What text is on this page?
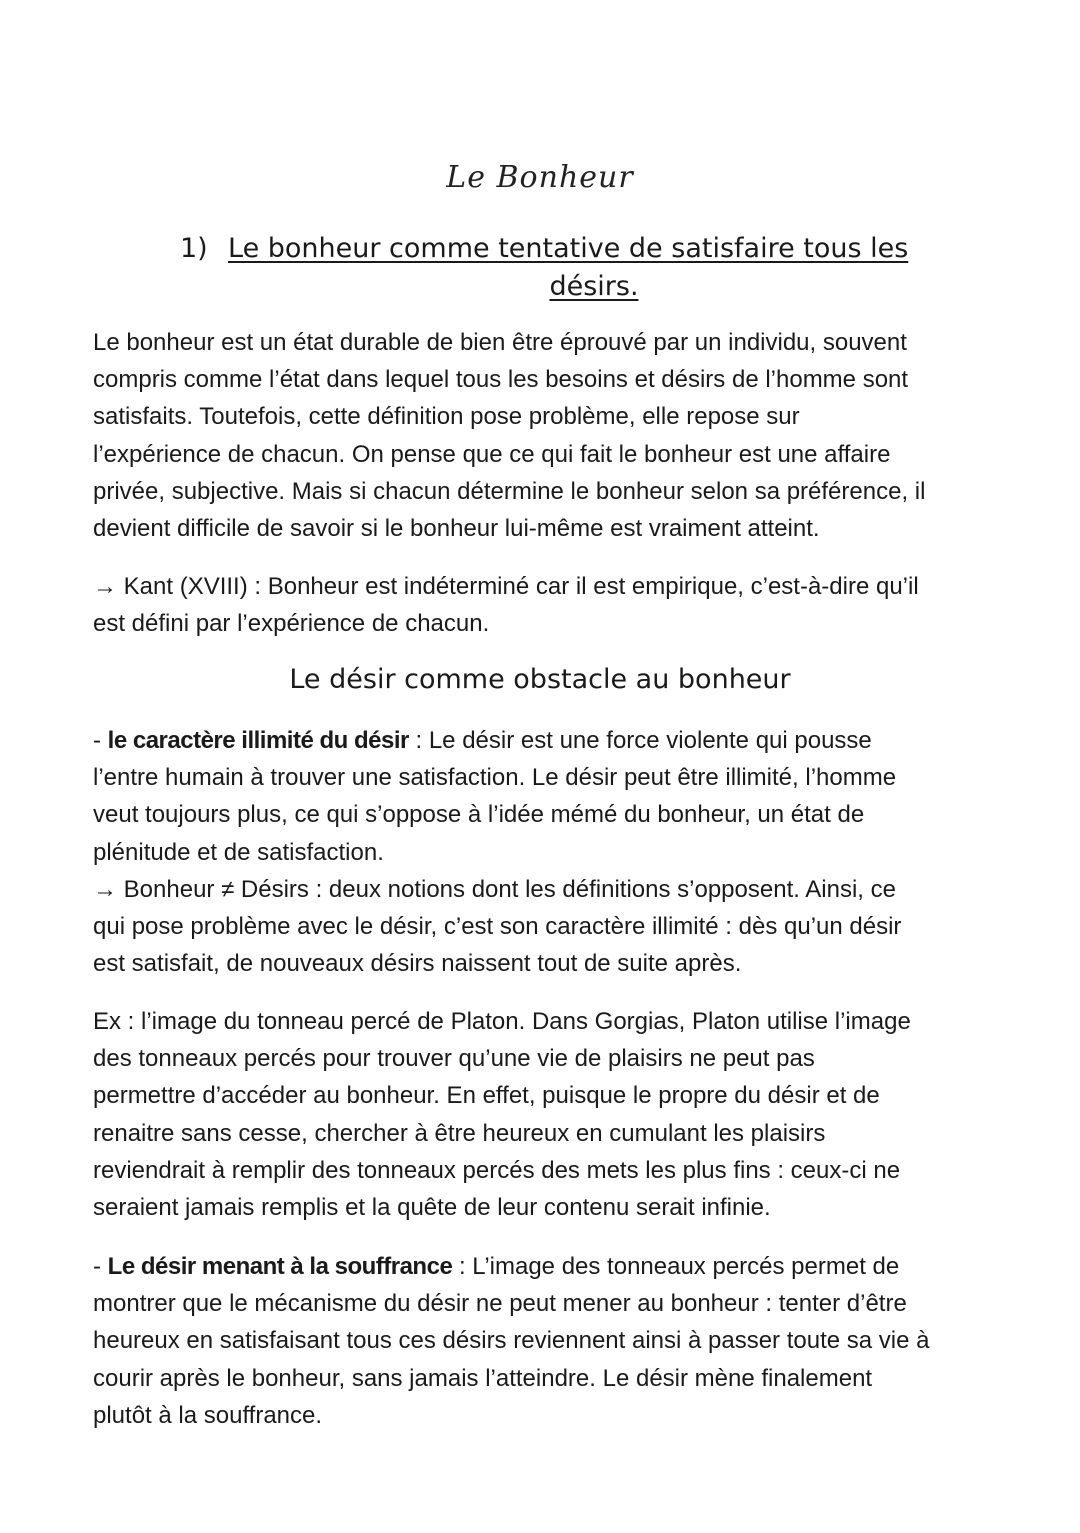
Le Bonheur
1) Le bonheur comme tentative de satisfaire tous les
désirs.

Le bonheur est un état durable de bien être éprouvé par un individu, souvent
compris comme l’état dans lequel tous les besoins et désirs de l’homme sont
satisfaits. Toutefois, cette définition pose problème, elle repose sur
l’expérience de chacun. On pense que ce qui fait le bonheur est une affaire
privée, subjective. Mais si chacun détermine le bonheur selon sa préférence, il
devient difficile de savoir si le bonheur lui-même est vraiment atteint.

→ Kant (XVIII) : Bonheur est indéterminé car il est empirique, c’est-à-dire qu’il
est défini par l’expérience de chacun.

Le désir comme obstacle au bonheur

- le caractère illimité du désir : Le désir est une force violente qui pousse
l’entre humain à trouver une satisfaction. Le désir peut être illimité, l’homme
veut toujours plus, ce qui s’oppose à l’idée mémé du bonheur, un état de
plénitude et de satisfaction.
→ Bonheur ≠ Désirs : deux notions dont les définitions s’opposent. Ainsi, ce
qui pose problème avec le désir, c’est son caractère illimité : dès qu’un désir
est satisfait, de nouveaux désirs naissent tout de suite après.

Ex : l’image du tonneau percé de Platon. Dans Gorgias, Platon utilise l’image
des tonneaux percés pour trouver qu’une vie de plaisirs ne peut pas
permettre d’accéder au bonheur. En effet, puisque le propre du désir et de
renaitre sans cesse, chercher à être heureux en cumulant les plaisirs
reviendrait à remplir des tonneaux percés des mets les plus fins : ceux-ci ne
seraient jamais remplis et la quête de leur contenu serait infinie.

- Le désir menant à la souffrance : L’image des tonneaux percés permet de
montrer que le mécanisme du désir ne peut mener au bonheur : tenter d’être
heureux en satisfaisant tous ces désirs reviennent ainsi à passer toute sa vie à
courir après le bonheur, sans jamais l’atteindre. Le désir mène finalement
plutôt à la souffrance.
